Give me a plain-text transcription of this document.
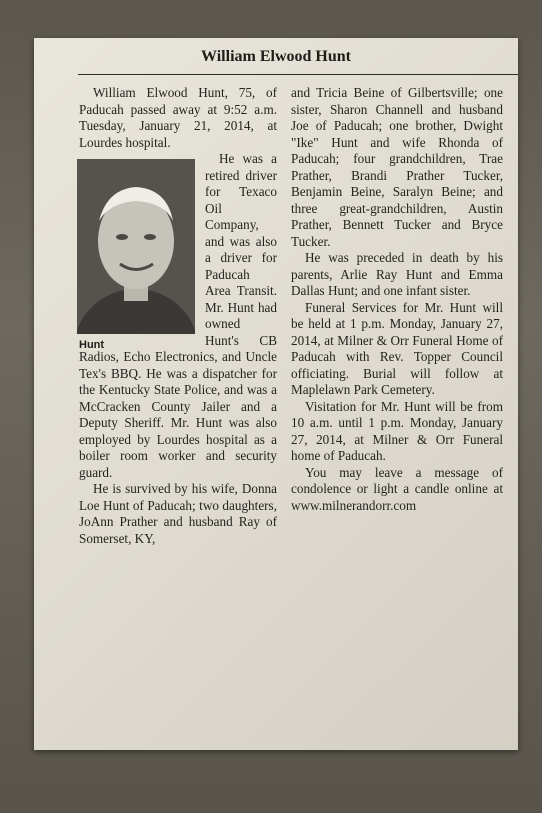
William Elwood Hunt

William Elwood Hunt, 75, of Paducah passed away at 9:52 a.m. Tuesday, January 21, 2014, at Lourdes hospital.

Hunt

He was a retired driver for Texaco Oil Company, and was also a driver for Paducah Area Transit. Mr. Hunt had owned Hunt's CB Radios, Echo Electronics, and Uncle Tex's BBQ. He was a dispatcher for the Kentucky State Police, and was a McCracken County Jailer and a Deputy Sheriff. Mr. Hunt was also employed by Lourdes hospital as a boiler room worker and security guard.

He is survived by his wife, Donna Loe Hunt of Paducah; two daughters, JoAnn Prather and husband Ray of Somerset, KY,

and Tricia Beine of Gilbertsville; one sister, Sharon Channell and husband Joe of Paducah; one brother, Dwight "Ike" Hunt and wife Rhonda of Paducah; four grandchildren, Trae Prather, Brandi Prather Tucker, Benjamin Beine, Saralyn Beine; and three great-grandchildren, Austin Prather, Bennett Tucker and Bryce Tucker.

He was preceded in death by his parents, Arlie Ray Hunt and Emma Dallas Hunt; and one infant sister.

Funeral Services for Mr. Hunt will be held at 1 p.m. Monday, January 27, 2014, at Milner & Orr Funeral Home of Paducah with Rev. Topper Council officiating. Burial will follow at Maplelawn Park Cemetery.

Visitation for Mr. Hunt will be from 10 a.m. until 1 p.m. Monday, January 27, 2014, at Milner & Orr Funeral home of Paducah.

You may leave a message of condolence or light a candle online at www.milnerandorr.com
